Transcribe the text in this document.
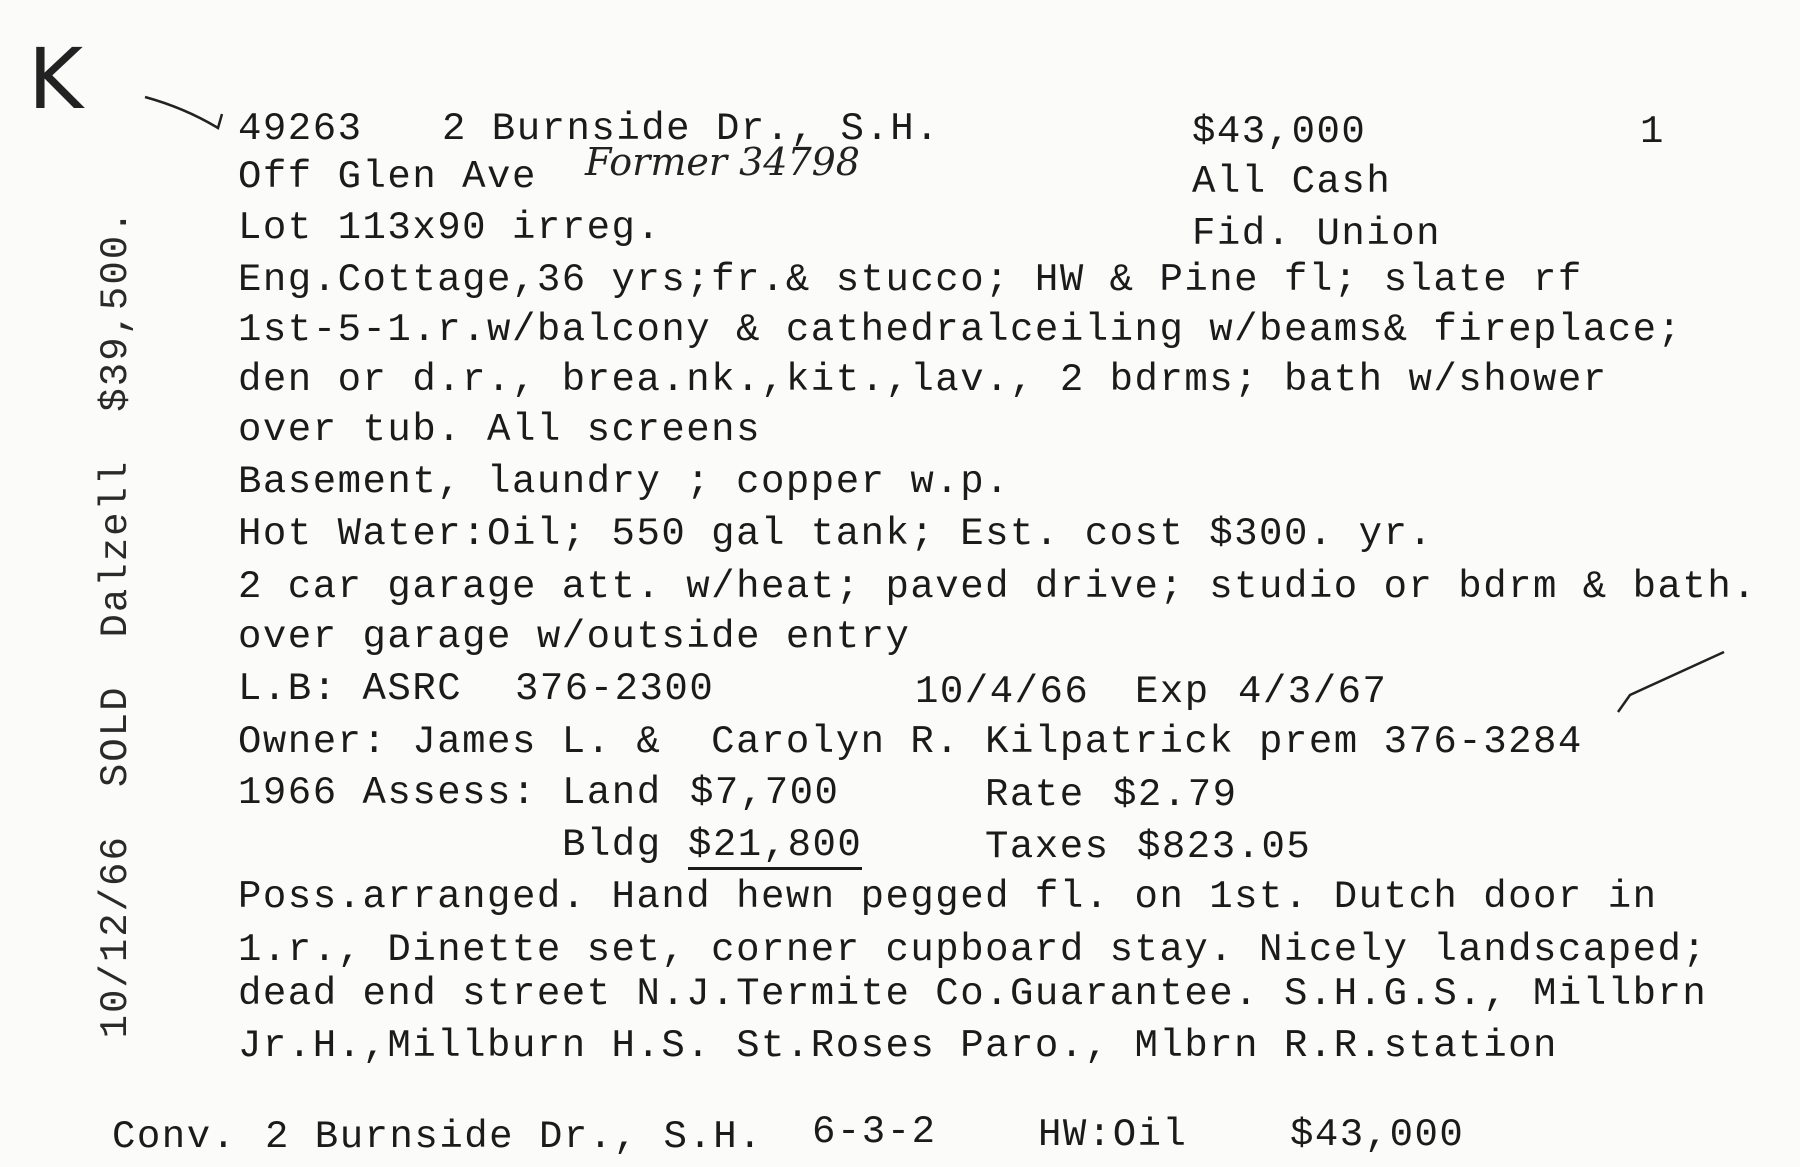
K
49263 2 Burnside Dr., S.H.
Former 34798
$43,000	1
Off Glen Ave	All Cash
Lot 113x90 irreg.	Fid. Union
Eng.Cottage,36 yrs;fr.& stucco; HW & Pine fl; slate rf
1st-5-1.r.w/balcony & cathedralceiling w/beams& fireplace;
den or d.r., brea.nk.,kit.,lav., 2 bdrms; bath w/shower
over tub. All screens
Basement, laundry ; copper w.p.
Hot Water:Oil; 550 gal tank; Est. cost $300. yr.
2 car garage att. w/heat; paved drive; studio or bdrm & bath.
over garage w/outside entry
L.B: ASRC 376-2300	10/4/66 Exp 4/3/67
Owner: James L. &  Carolyn R. Kilpatrick prem 376-3284
1966 Assess: Land $7,700	Rate $2.79
Bldg $21,800	Taxes $823.05
Poss.arranged. Hand hewn pegged fl. on 1st. Dutch door in
1.r., Dinette set, corner cupboard stay. Nicely landscaped;
dead end street N.J.Termite Co.Guarantee. S.H.G.S., Millbrn
Jr.H.,Millburn H.S. St.Roses Paro., Mlbrn R.R.station
Conv. 2 Burnside Dr., S.H. 6-3-2	HW:Oil	$43,000

10/12/66SOLDDalzell$39,500.
